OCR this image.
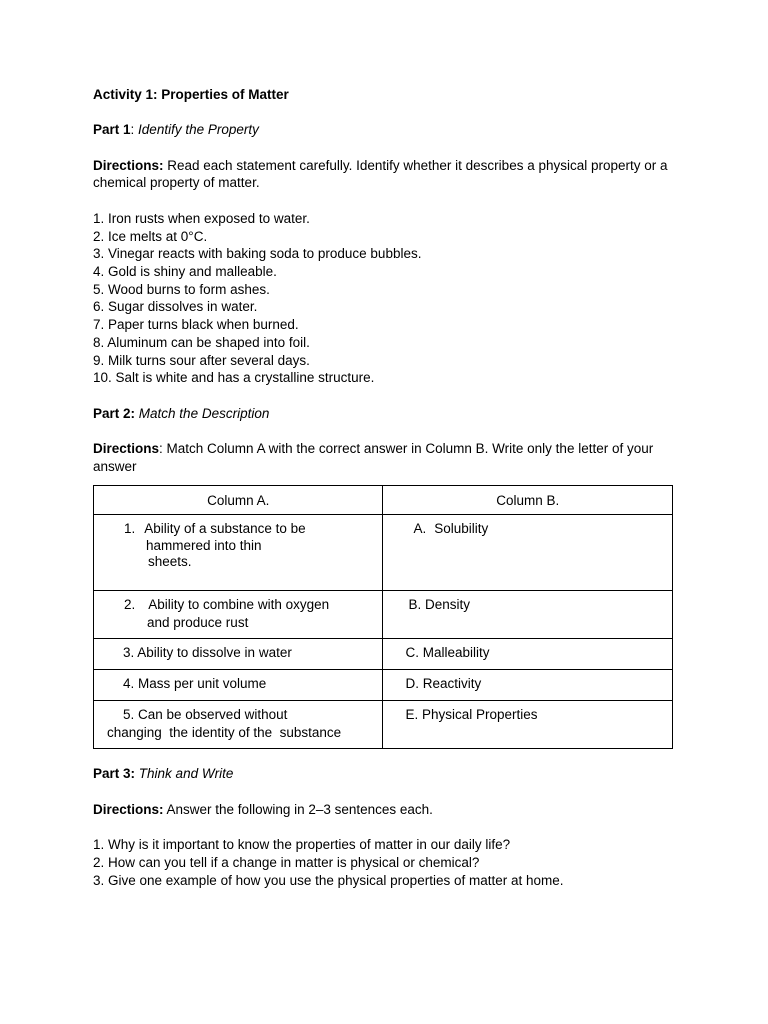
Activity 1: Properties of Matter

Part 1: Identify the Property

Directions: Read each statement carefully. Identify whether it describes a physical property or a chemical property of matter.

1. Iron rusts when exposed to water.
2. Ice melts at 0°C.
3. Vinegar reacts with baking soda to produce bubbles.
4. Gold is shiny and malleable.
5. Wood burns to form ashes.
6. Sugar dissolves in water.
7. Paper turns black when burned.
8. Aluminum can be shaped into foil.
9. Milk turns sour after several days.
10. Salt is white and has a crystalline structure.

Part 2: Match the Description

Directions: Match Column A with the correct answer in Column B. Write only the letter of your answer

Column A.	Column B.

1. Ability of a substance to be
hammered into thin
sheets.	A. Solubility

2. Ability to combine with oxygen
and produce rust	B. Density

3. Ability to dissolve in water	C. Malleability

4. Mass per unit volume	D. Reactivity

5. Can be observed without
changing  the identity of the  substance	E. Physical Properties

Part 3: Think and Write

Directions: Answer the following in 2–3 sentences each.

1. Why is it important to know the properties of matter in our daily life?
2. How can you tell if a change in matter is physical or chemical?
3. Give one example of how you use the physical properties of matter at home.
